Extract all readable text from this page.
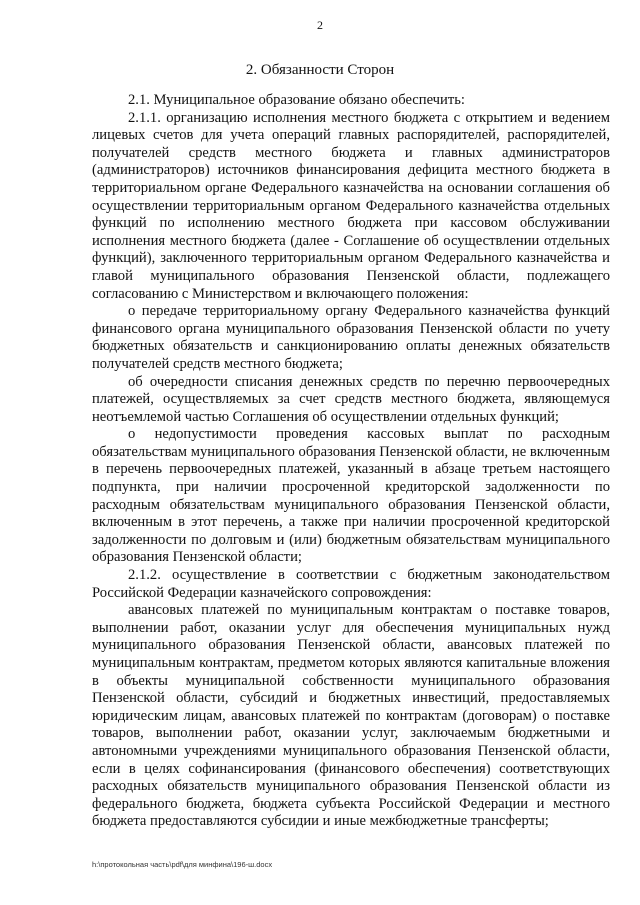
2
2. Обязанности Сторон

2.1. Муниципальное образование обязано обеспечить:

2.1.1. организацию исполнения местного бюджета с открытием и ведением лицевых счетов для учета операций главных распорядителей, распорядителей, получателей средств местного бюджета и главных администраторов (администраторов) источников финансирования дефицита местного бюджета в территориальном органе Федерального казначейства на основании соглашения об осуществлении территориальным органом Федерального казначейства отдельных функций по исполнению местного бюджета при кассовом обслуживании исполнения местного бюджета (далее - Соглашение об осуществлении отдельных функций), заключенного территориальным органом Федерального казначейства и главой муниципального образования Пензенской области, подлежащего согласованию с Министерством и включающего положения:

о передаче территориальному органу Федерального казначейства функций финансового органа муниципального образования Пензенской области по учету бюджетных обязательств и санкционированию оплаты денежных обязательств получателей средств местного бюджета;

об очередности списания денежных средств по перечню первоочередных платежей, осуществляемых за счет средств местного бюджета, являющемуся неотъемлемой частью Соглашения об осуществлении отдельных функций;

о недопустимости проведения кассовых выплат по расходным обязательствам муниципального образования Пензенской области, не включенным в перечень первоочередных платежей, указанный в абзаце третьем настоящего подпункта, при наличии просроченной кредиторской задолженности по расходным обязательствам муниципального образования Пензенской области, включенным в этот перечень, а также при наличии просроченной кредиторской задолженности по долговым и (или) бюджетным обязательствам муниципального образования Пензенской области;

2.1.2. осуществление в соответствии с бюджетным законодательством Российской Федерации казначейского сопровождения:

авансовых платежей по муниципальным контрактам о поставке товаров, выполнении работ, оказании услуг для обеспечения муниципальных нужд муниципального образования Пензенской области, авансовых платежей по муниципальным контрактам, предметом которых являются капитальные вложения в объекты муниципальной собственности муниципального образования Пензенской области, субсидий и бюджетных инвестиций, предоставляемых юридическим лицам, авансовых платежей по контрактам (договорам) о поставке товаров, выполнении работ, оказании услуг, заключаемым бюджетными и автономными учреждениями муниципального образования Пензенской области, если в целях софинансирования (финансового обеспечения) соответствующих расходных обязательств муниципального образования Пензенской области из федерального бюджета, бюджета субъекта Российской Федерации и местного бюджета предоставляются субсидии и иные межбюджетные трансферты;

h:\протокольная часть\pdf\для минфина\196-ш.docx
